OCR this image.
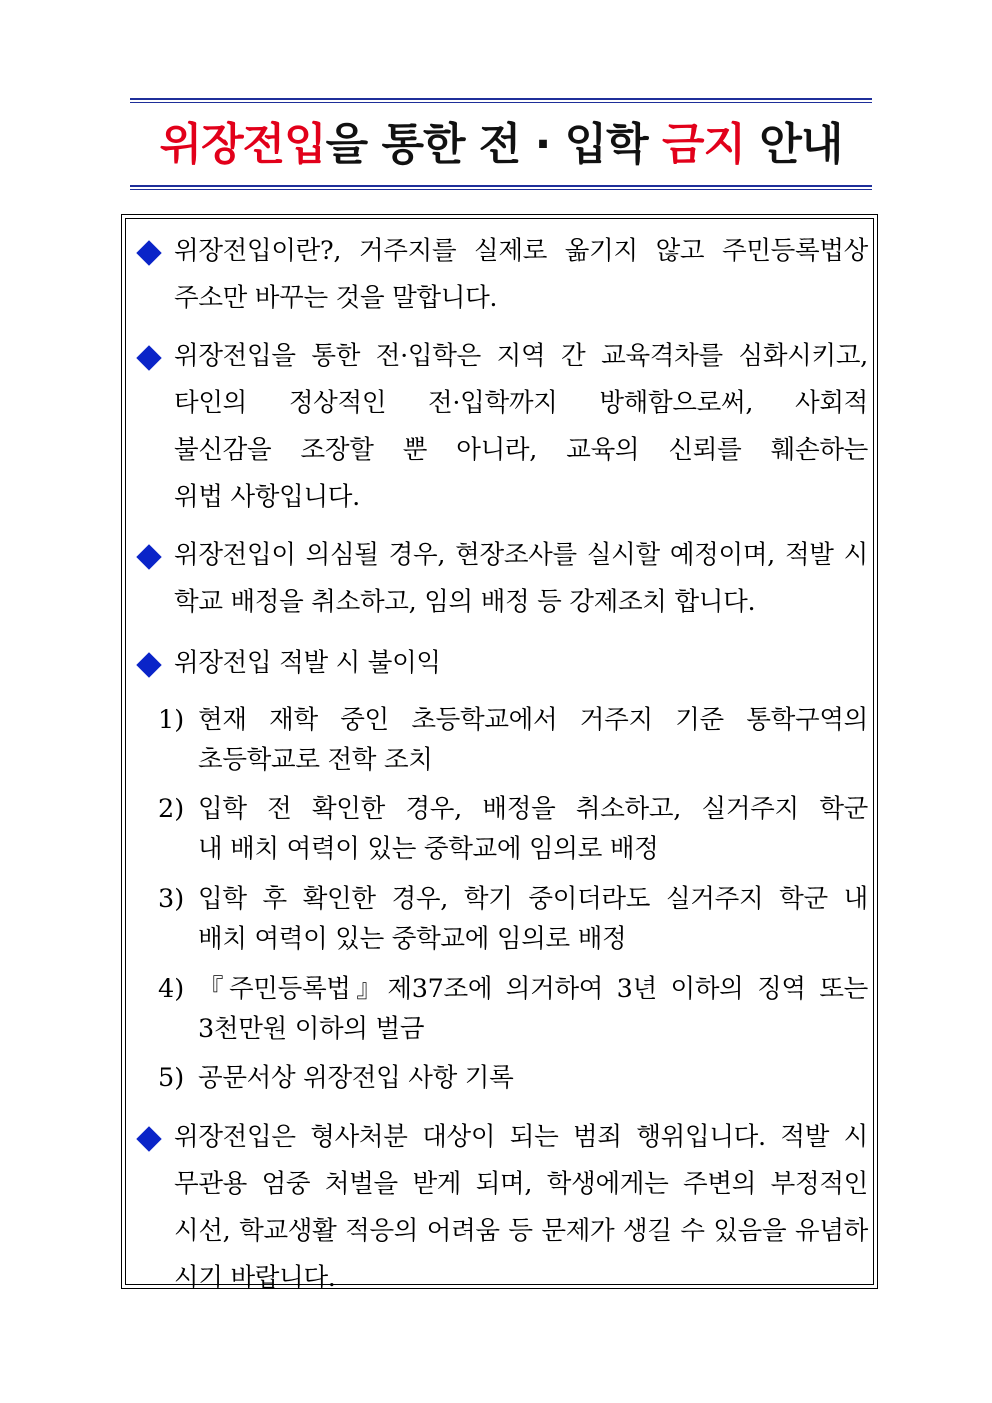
위장전입을 통한 전 · 입학 금지 안내
위장전입이란?, 거주지를 실제로 옮기지 않고 주민등록법상
주소만 바꾸는 것을 말합니다.
위장전입을 통한 전·입학은 지역 간 교육격차를 심화시키고,
타인의 정상적인 전·입학까지 방해함으로써, 사회적
불신감을 조장할 뿐 아니라, 교육의 신뢰를 훼손하는
위법 사항입니다.
위장전입이 의심될 경우, 현장조사를 실시할 예정이며, 적발 시
학교 배정을 취소하고, 임의 배정 등 강제조치 합니다.
위장전입 적발 시 불이익
1) 현재 재학 중인 초등학교에서 거주지 기준 통학구역의
초등학교로 전학 조치
2) 입학 전 확인한 경우, 배정을 취소하고, 실거주지 학군
내 배치 여력이 있는 중학교에 임의로 배정
3) 입학 후 확인한 경우, 학기 중이더라도 실거주지 학군 내
배치 여력이 있는 중학교에 임의로 배정
4) 『주민등록법』제37조에 의거하여 3년 이하의 징역 또는
3천만원 이하의 벌금
5) 공문서상 위장전입 사항 기록
위장전입은 형사처분 대상이 되는 범죄 행위입니다. 적발 시
무관용 엄중 처벌을 받게 되며, 학생에게는 주변의 부정적인
시선, 학교생활 적응의 어려움 등 문제가 생길 수 있음을 유념하
시기 바랍니다.
